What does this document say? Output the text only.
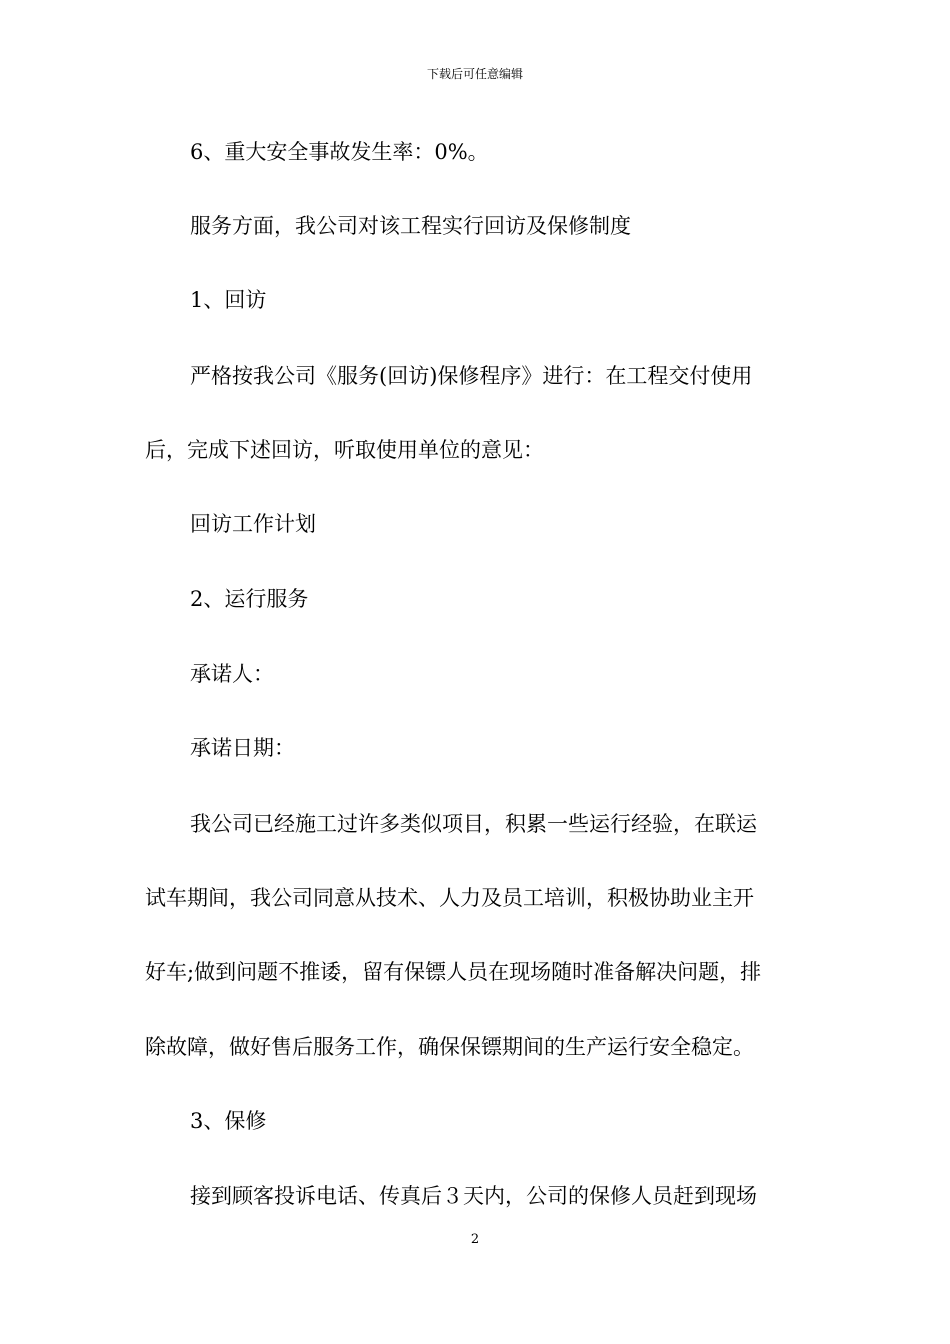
下载后可任意编辑
6、重大安全事故发生率：0%。
服务方面，我公司对该工程实行回访及保修制度
1、回访
严格按我公司《服务(回访)保修程序》进行：在工程交付使用
后，完成下述回访，听取使用单位的意见：
回访工作计划
2、运行服务
承诺人：
承诺日期：
我公司已经施工过许多类似项目，积累一些运行经验，在联运
试车期间，我公司同意从技术、人力及员工培训，积极协助业主开
好车;做到问题不推诿，留有保镖人员在现场随时准备解决问题，排
除故障，做好售后服务工作，确保保镖期间的生产运行安全稳定。
3、保修
接到顾客投诉电话、传真后３天内，公司的保修人员赶到现场
2
